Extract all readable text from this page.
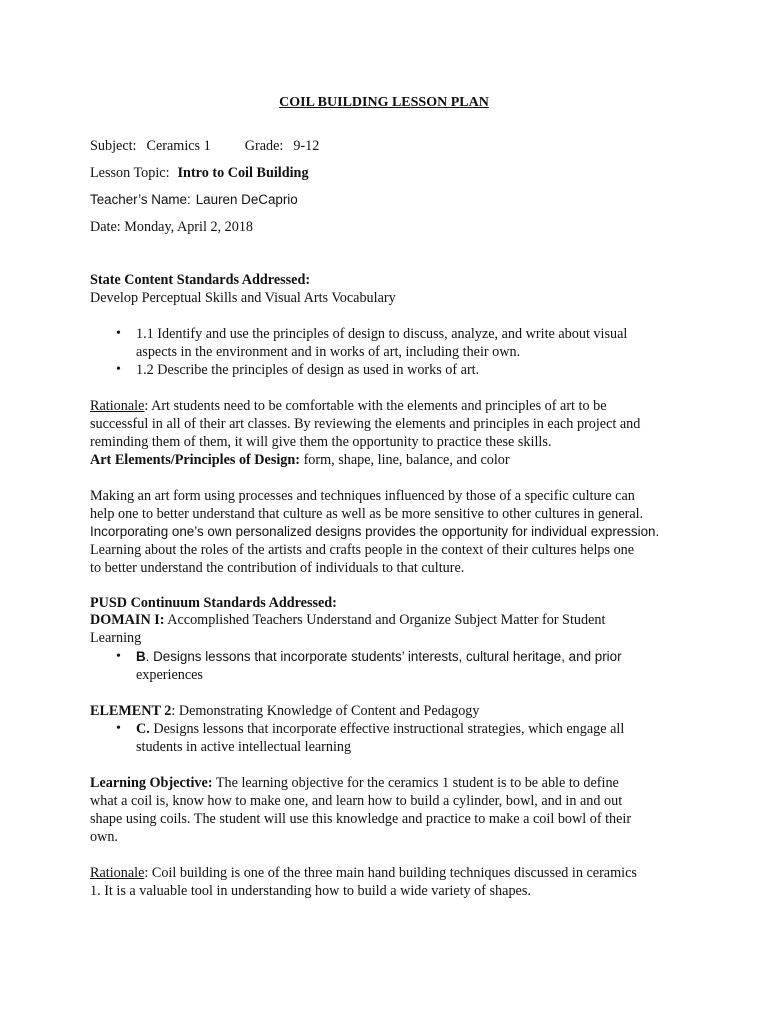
COIL BUILDING LESSON PLAN
Subject: Ceramics 1 Grade: 9-12
Lesson Topic: Intro to Coil Building
Teacher’s Name: Lauren DeCaprio
Date: Monday, April 2, 2018
State Content Standards Addressed:
Develop Perceptual Skills and Visual Arts Vocabulary
• 1.1 Identify and use the principles of design to discuss, analyze, and write about visual
aspects in the environment and in works of art, including their own.
• 1.2 Describe the principles of design as used in works of art.
Rationale: Art students need to be comfortable with the elements and principles of art to be
successful in all of their art classes. By reviewing the elements and principles in each project and
reminding them of them, it will give them the opportunity to practice these skills.
Art Elements/Principles of Design: form, shape, line, balance, and color
Making an art form using processes and techniques influenced by those of a specific culture can
help one to better understand that culture as well as be more sensitive to other cultures in general.
Incorporating one’s own personalized designs provides the opportunity for individual expression.
Learning about the roles of the artists and crafts people in the context of their cultures helps one
to better understand the contribution of individuals to that culture.
PUSD Continuum Standards Addressed:
DOMAIN I: Accomplished Teachers Understand and Organize Subject Matter for Student
Learning
• B. Designs lessons that incorporate students’ interests, cultural heritage, and prior
experiences
ELEMENT 2: Demonstrating Knowledge of Content and Pedagogy
• C. Designs lessons that incorporate effective instructional strategies, which engage all
students in active intellectual learning
Learning Objective: The learning objective for the ceramics 1 student is to be able to define
what a coil is, know how to make one, and learn how to build a cylinder, bowl, and in and out
shape using coils. The student will use this knowledge and practice to make a coil bowl of their
own.
Rationale: Coil building is one of the three main hand building techniques discussed in ceramics
1. It is a valuable tool in understanding how to build a wide variety of shapes.
